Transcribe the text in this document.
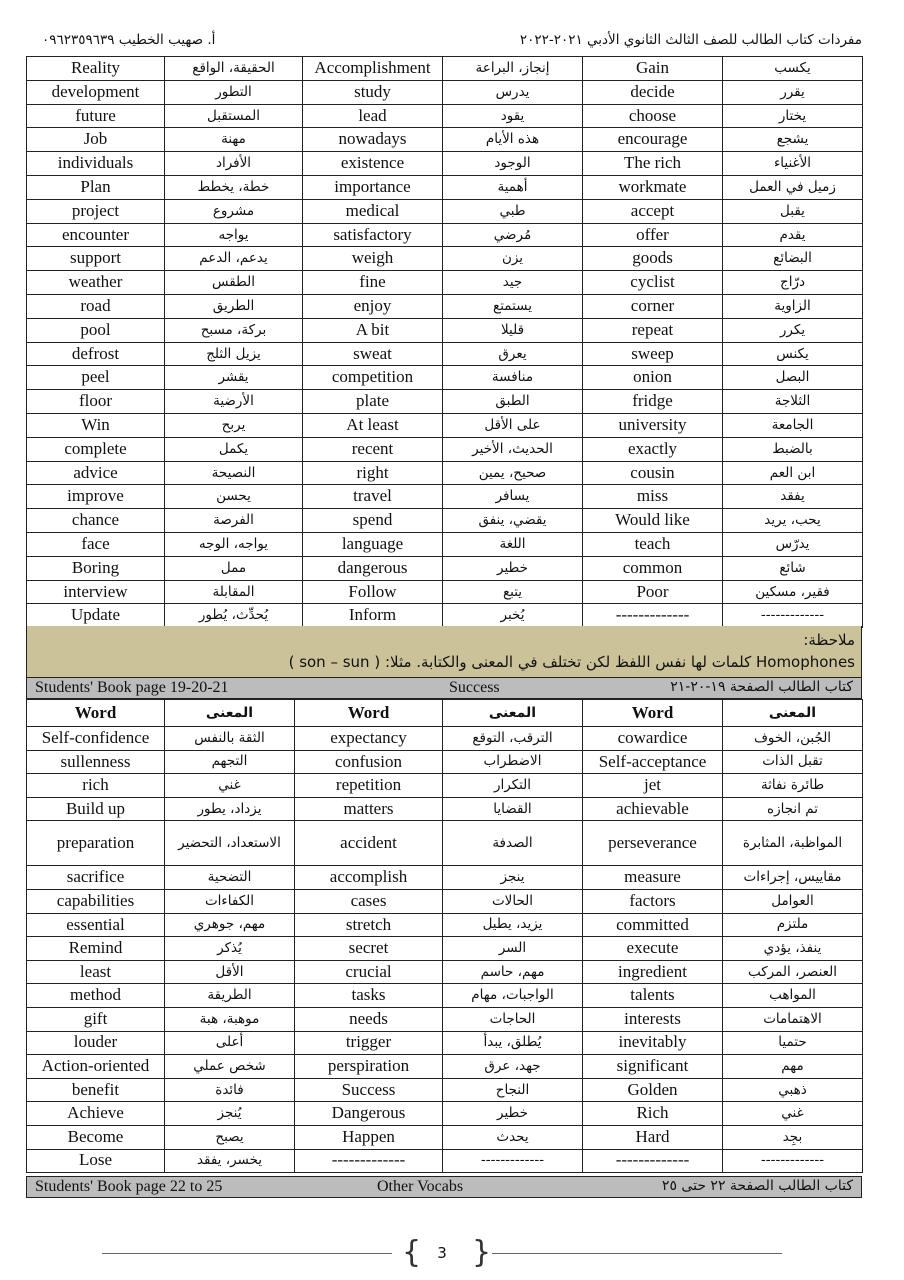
أ. صهيب الخطيب ٠٩٦٢٣٥٩٦٣٩	مفردات كتاب الطالب للصف الثالث الثانوي الأدبي ٢٠٢١-٢٠٢٢
Reality	الحقيقة، الواقع	Accomplishment	إنجاز، البراعة	Gain	يكسب
development	التطور	study	يدرس	decide	يقرر
future	المستقبل	lead	يقود	choose	يختار
Job	مهنة	nowadays	هذه الأيام	encourage	يشجع
individuals	الأفراد	existence	الوجود	The rich	الأغنياء
Plan	خطة، يخطط	importance	أهمية	workmate	زميل في العمل
project	مشروع	medical	طبي	accept	يقبل
encounter	يواجه	satisfactory	مُرضي	offer	يقدم
support	يدعم، الدعم	weigh	يزن	goods	البضائع
weather	الطقس	fine	جيد	cyclist	درّاج
road	الطريق	enjoy	يستمتع	corner	الزاوية
pool	بركة، مسبح	A bit	قليلا	repeat	يكرر
defrost	يزيل الثلج	sweat	يعرق	sweep	يكنس
peel	يقشر	competition	منافسة	onion	البصل
floor	الأرضية	plate	الطبق	fridge	الثلاجة
Win	يربح	At least	على الأقل	university	الجامعة
complete	يكمل	recent	الحديث، الأخير	exactly	بالضبط
advice	النصيحة	right	صحيح، يمين	cousin	ابن العم
improve	يحسن	travel	يسافر	miss	يفقد
chance	الفرصة	spend	يقضي، ينفق	Would like	يحب، يريد
face	يواجه، الوجه	language	اللغة	teach	يدرّس
Boring	ممل	dangerous	خطير	common	شائع
interview	المقابلة	Follow	يتبع	Poor	فقير، مسكين
Update	يُحدِّث، يُطور	Inform	يُخبر	-------------	-------------
ملاحظة:
Homophones كلمات لها نفس اللفظ لكن تختلف في المعنى والكتابة. مثلا: ( son – sun )
Students' Book page 19-20-21	Success	كتاب الطالب الصفحة ١٩-٢٠-٢١
Word	المعنى	Word	المعنى	Word	المعنى
Self-confidence	الثقة بالنفس	expectancy	الترقب، التوقع	cowardice	الجُبن، الخوف
sullenness	التجهم	confusion	الاضطراب	Self-acceptance	تقبل الذات
rich	غني	repetition	التكرار	jet	طائرة نفاثة
Build up	يزداد، يطور	matters	القضايا	achievable	تم انجازه
preparation	الاستعداد، التحضير	accident	الصدفة	perseverance	المواظبة، المثابرة
sacrifice	التضحية	accomplish	ينجز	measure	مقاييس، إجراءات
capabilities	الكفاءات	cases	الحالات	factors	العوامل
essential	مهم، جوهري	stretch	يزيد، يطيل	committed	ملتزم
Remind	يُذكر	secret	السر	execute	ينفذ، يؤدي
least	الأقل	crucial	مهم، حاسم	ingredient	العنصر، المركب
method	الطريقة	tasks	الواجبات، مهام	talents	المواهب
gift	موهبة، هبة	needs	الحاجات	interests	الاهتمامات
louder	أعلى	trigger	يُطلق، يبدأ	inevitably	حتميا
Action-oriented	شخص عملي	perspiration	جهد، عرق	significant	مهم
benefit	فائدة	Success	النجاح	Golden	ذهبي
Achieve	يُنجز	Dangerous	خطير	Rich	غني
Become	يصبح	Happen	يحدث	Hard	بجِد
Lose	يخسر، يفقد	-------------	-------------	-------------	-------------
Students' Book page 22 to 25	Other Vocabs	كتاب الطالب الصفحة ٢٢ حتى ٢٥
{	3 }
